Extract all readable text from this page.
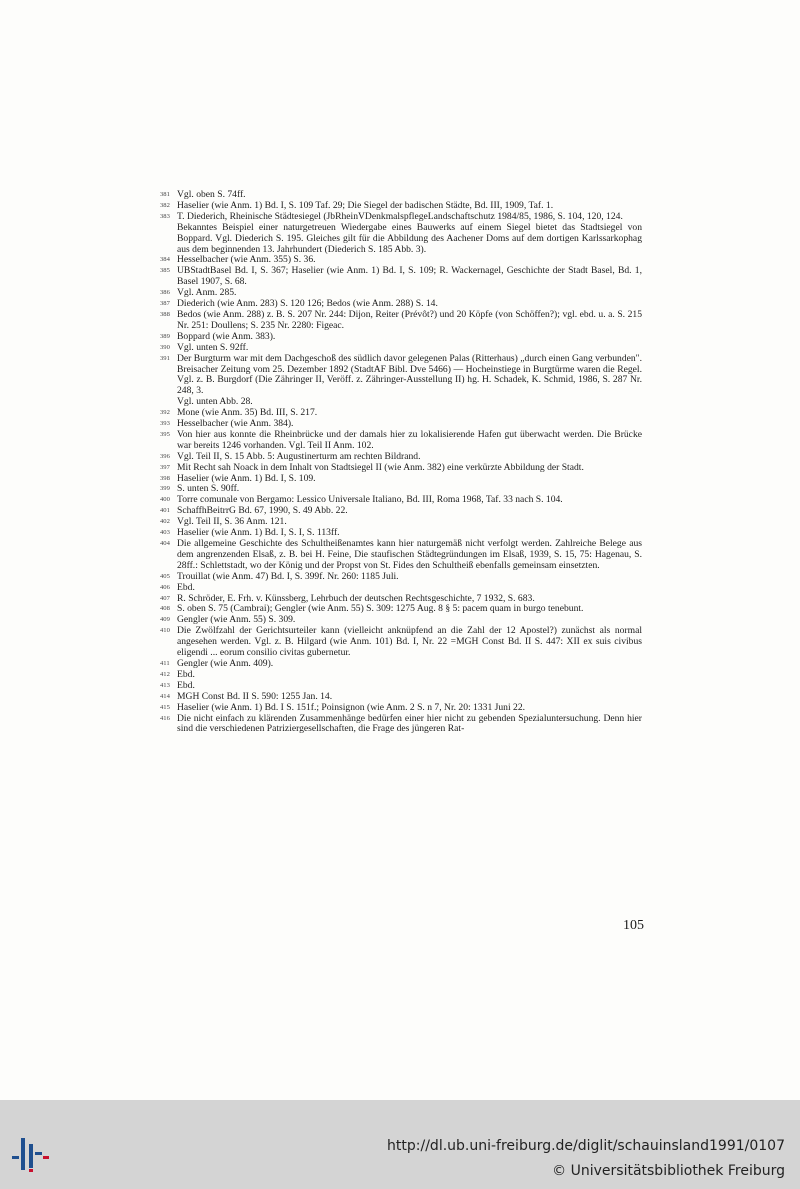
381 Vgl. oben S. 74ff.
382 Haselier (wie Anm. 1) Bd. I, S. 109 Taf. 29; Die Siegel der badischen Städte, Bd. III, 1909, Taf. 1.
383 T. Diederich, Rheinische Städtesiegel (JbRheinVDenkmalspflegeLandschaftschutz 1984/85, 1986, S. 104, 120, 124.
Bekanntes Beispiel einer naturgetreuen Wiedergabe eines Bauwerks auf einem Siegel bietet das Stadtsiegel von Boppard. Vgl. Diederich S. 195. Gleiches gilt für die Abbildung des Aachener Doms auf dem dortigen Karlssarkophag aus dem beginnenden 13. Jahrhundert (Diederich S. 185 Abb. 3).
384 Hesselbacher (wie Anm. 355) S. 36.
385 UBStadtBasel Bd. I, S. 367; Haselier (wie Anm. 1) Bd. I, S. 109; R. Wackernagel, Geschichte der Stadt Basel, Bd. 1, Basel 1907, S. 68.
386 Vgl. Anm. 285.
387 Diederich (wie Anm. 283) S. 120 126; Bedos (wie Anm. 288) S. 14.
388 Bedos (wie Anm. 288) z. B. S. 207 Nr. 244: Dijon, Reiter (Prévôt?) und 20 Köpfe (von Schöffen?); vgl. ebd. u. a. S. 215 Nr. 251: Doullens; S. 235 Nr. 2280: Figeac.
389 Boppard (wie Anm. 383).
390 Vgl. unten S. 92ff.
391 Der Burgturm war mit dem Dachgeschoß des südlich davor gelegenen Palas (Ritterhaus) „durch einen Gang verbunden". Breisacher Zeitung vom 25. Dezember 1892 (StadtAF Bibl. Dve 5466) — Hocheinstiege in Burgtürme waren die Regel. Vgl. z. B. Burgdorf (Die Zähringer II, Veröff. z. Zähringer-Ausstellung II) hg. H. Schadek, K. Schmid, 1986, S. 287 Nr. 248, 3.
Vgl. unten Abb. 28.
392 Mone (wie Anm. 35) Bd. III, S. 217.
393 Hesselbacher (wie Anm. 384).
395 Von hier aus konnte die Rheinbrücke und der damals hier zu lokalisierende Hafen gut überwacht werden. Die Brücke war bereits 1246 vorhanden. Vgl. Teil II Anm. 102.
396 Vgl. Teil II, S. 15 Abb. 5: Augustinerturm am rechten Bildrand.
397 Mit Recht sah Noack in dem Inhalt von Stadtsiegel II (wie Anm. 382) eine verkürzte Abbildung der Stadt.
398 Haselier (wie Anm. 1) Bd. I, S. 109.
399 S. unten S. 90ff.
400 Torre comunale von Bergamo: Lessico Universale Italiano, Bd. III, Roma 1968, Taf. 33 nach S. 104.
401 SchaffhBeitrrG Bd. 67, 1990, S. 49 Abb. 22.
402 Vgl. Teil II, S. 36 Anm. 121.
403 Haselier (wie Anm. 1) Bd. I, S. I, S. 113ff.
404 Die allgemeine Geschichte des Schultheißenamtes kann hier naturgemäß nicht verfolgt werden. Zahlreiche Belege aus dem angrenzenden Elsaß, z. B. bei H. Feine, Die staufischen Städtegründungen im Elsaß, 1939, S. 15, 75: Hagenau, S. 28ff.: Schlettstadt, wo der König und der Propst von St. Fides den Schultheiß ebenfalls gemeinsam einsetzten.
405 Trouillat (wie Anm. 47) Bd. I, S. 399f. Nr. 260: 1185 Juli.
406 Ebd.
407 R. Schröder, E. Frh. v. Künssberg, Lehrbuch der deutschen Rechtsgeschichte, 7 1932, S. 683.
408 S. oben S. 75 (Cambrai); Gengler (wie Anm. 55) S. 309: 1275 Aug. 8 § 5: pacem quam in burgo tenebunt.
409 Gengler (wie Anm. 55) S. 309.
410 Die Zwölfzahl der Gerichtsurteiler kann (vielleicht anknüpfend an die Zahl der 12 Apostel?) zunächst als normal angesehen werden. Vgl. z. B. Hilgard (wie Anm. 101) Bd. I, Nr. 22 =MGH Const Bd. II S. 447: XII ex suis civibus eligendi ... eorum consilio civitas gubernetur.
411 Gengler (wie Anm. 409).
412 Ebd.
413 Ebd.
414 MGH Const Bd. II S. 590: 1255 Jan. 14.
415 Haselier (wie Anm. 1) Bd. I S. 151f.; Poinsignon (wie Anm. 2 S. n 7, Nr. 20: 1331 Juni 22.
416 Die nicht einfach zu klärenden Zusammenhänge bedürfen einer hier nicht zu gebenden Spezialuntersuchung. Denn hier sind die verschiedenen Patriziergesellschaften, die Frage des jüngeren Rat-
105
http://dl.ub.uni-freiburg.de/diglit/schauinsland1991/0107
© Universitätsbibliothek Freiburg
